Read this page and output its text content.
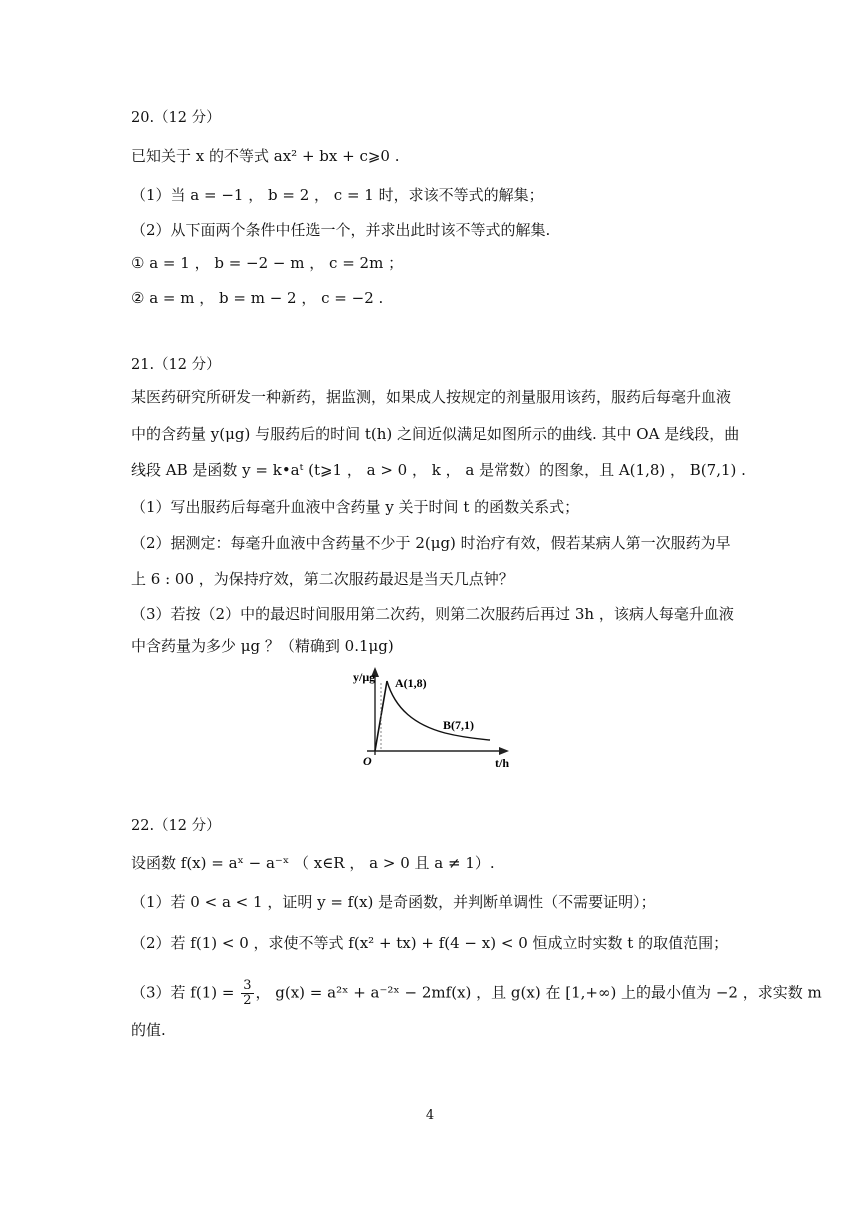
20.（12 分）
已知关于 x 的不等式 ax² + bx + c⩾0 .
（1）当 a = −1 ， b = 2 ， c = 1 时，求该不等式的解集；
（2）从下面两个条件中任选一个，并求出此时该不等式的解集.
① a = 1 ， b = −2 − m ， c = 2m ；
② a = m ， b = m − 2 ， c = −2 .
21.（12 分）
某医药研究所研发一种新药，据监测，如果成人按规定的剂量服用该药，服药后每毫升血液
中的含药量 y(μg) 与服药后的时间 t(h) 之间近似满足如图所示的曲线. 其中 OA 是线段，曲
线段 AB 是函数 y = k•aᵗ (t⩾1 ， a > 0 ， k ， a 是常数）的图象，且 A(1,8) ， B(7,1) .
（1）写出服药后每毫升血液中含药量 y 关于时间 t 的函数关系式；
（2）据测定：每毫升血液中含药量不少于 2(μg) 时治疗有效，假若某病人第一次服药为早
上 6 : 00 ，为保持疗效，第二次服药最迟是当天几点钟？
（3）若按（2）中的最迟时间服用第二次药，则第二次服药后再过 3h ，该病人每毫升血液
中含药量为多少 μg ？（精确到 0.1μg)
y/μg
t/h
O
A(1,8)
B(7,1)
22.（12 分）
设函数 f(x) = aˣ − a⁻ˣ （ x∈R ， a > 0 且 a ≠ 1）.
（1）若 0 < a < 1 ，证明 y = f(x) 是奇函数，并判断单调性（不需要证明）；
（2）若 f(1) < 0 ，求使不等式 f(x² + tx) + f(4 − x) < 0 恒成立时实数 t 的取值范围；
（3）若 $f(1) = \frac{3}{2}$ ， g(x) = a²ˣ + a⁻²ˣ − 2mf(x) ，且 g(x) 在 [1,+∞) 上的最小值为 −2 ，求实数 m
的值.
4
